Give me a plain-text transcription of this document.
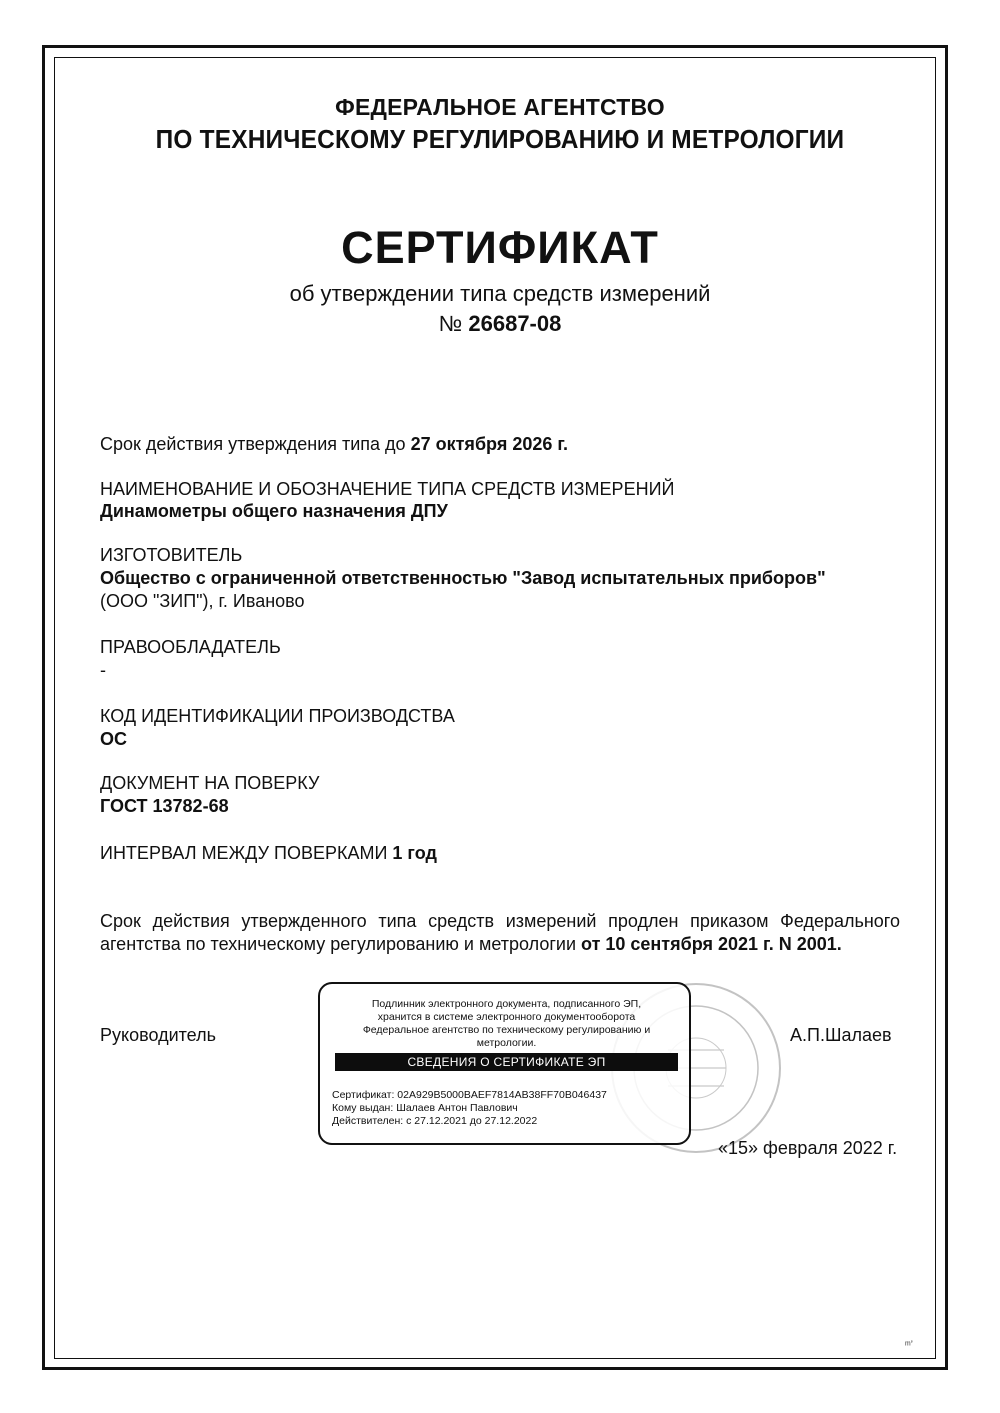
ФЕДЕРАЛЬНОЕ АГЕНТСТВО
ПО ТЕХНИЧЕСКОМУ РЕГУЛИРОВАНИЮ И МЕТРОЛОГИИ
СЕРТИФИКАТ
об утверждении типа средств измерений
№ 26687-08
Срок действия утверждения типа до 27 октября 2026 г.
НАИМЕНОВАНИЕ И ОБОЗНАЧЕНИЕ ТИПА СРЕДСТВ ИЗМЕРЕНИЙ
Динамометры общего назначения ДПУ
ИЗГОТОВИТЕЛЬ
Общество с ограниченной ответственностью "Завод испытательных приборов"
(ООО "ЗИП"), г. Иваново
ПРАВООБЛАДАТЕЛЬ
-
КОД ИДЕНТИФИКАЦИИ ПРОИЗВОДСТВА
ОС
ДОКУМЕНТ НА ПОВЕРКУ
ГОСТ 13782-68
ИНТЕРВАЛ МЕЖДУ ПОВЕРКАМИ 1 год
Срок действия утвержденного типа средств измерений продлен приказом Федерального агентства по техническому регулированию и метрологии от 10 сентября 2021 г. N 2001.
Подлинник электронного документа, подписанного ЭП,
хранится в системе электронного документооборота
Федеральное агентство по техническому регулированию и
метрологии.
СВЕДЕНИЯ О СЕРТИФИКАТЕ ЭП
Сертификат: 02A929B5000BAEF7814AB38FF70B046437
Кому выдан: Шалаев Антон Павлович
Действителен: с 27.12.2021 до 27.12.2022
Руководитель	А.П.Шалаев
«15» февраля 2022 г.
ᵐʼ
